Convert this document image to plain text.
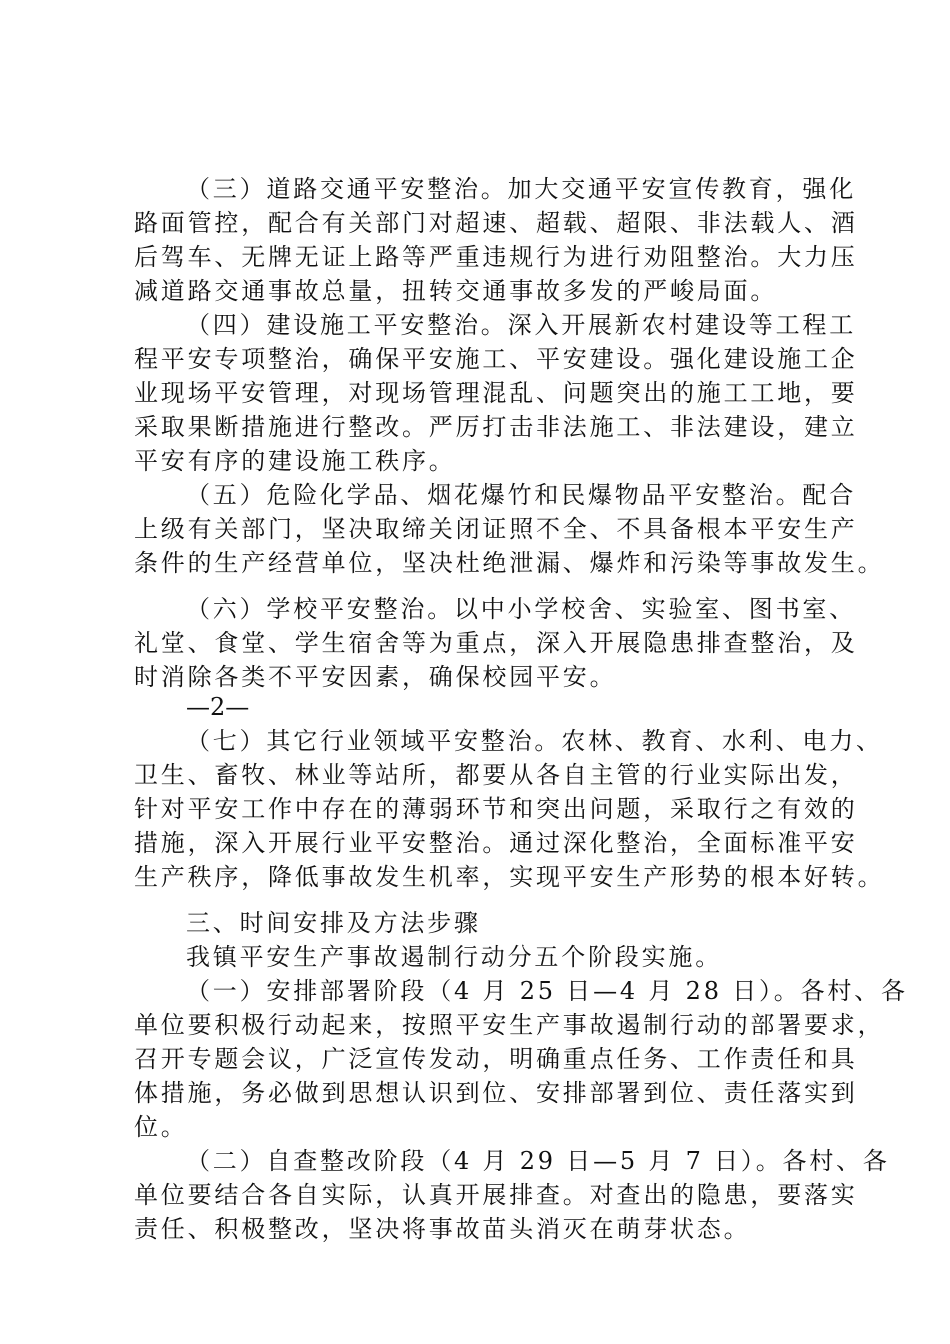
（三）道路交通平安整治。加大交通平安宣传教育，强化

路面管控，配合有关部门对超速、超载、超限、非法载人、酒

后驾车、无牌无证上路等严重违规行为进行劝阻整治。大力压

减道路交通事故总量，扭转交通事故多发的严峻局面。

（四）建设施工平安整治。深入开展新农村建设等工程工

程平安专项整治，确保平安施工、平安建设。强化建设施工企

业现场平安管理，对现场管理混乱、问题突出的施工工地，要

采取果断措施进行整改。严厉打击非法施工、非法建设，建立

平安有序的建设施工秩序。

（五）危险化学品、烟花爆竹和民爆物品平安整治。配合

上级有关部门，坚决取缔关闭证照不全、不具备根本平安生产

条件的生产经营单位，坚决杜绝泄漏、爆炸和污染等事故发生。

（六）学校平安整治。以中小学校舍、实验室、图书室、

礼堂、食堂、学生宿舍等为重点，深入开展隐患排查整治，及

时消除各类不平安因素，确保校园平安。

—2—

（七）其它行业领域平安整治。农林、教育、水利、电力、

卫生、畜牧、林业等站所，都要从各自主管的行业实际出发，

针对平安工作中存在的薄弱环节和突出问题，采取行之有效的

措施，深入开展行业平安整治。通过深化整治，全面标准平安

生产秩序，降低事故发生机率，实现平安生产形势的根本好转。

三、时间安排及方法步骤

我镇平安生产事故遏制行动分五个阶段实施。

（一）安排部署阶段（4 月 25 日—4 月 28 日）。各村、各

单位要积极行动起来，按照平安生产事故遏制行动的部署要求，

召开专题会议，广泛宣传发动，明确重点任务、工作责任和具

体措施，务必做到思想认识到位、安排部署到位、责任落实到

位。

（二）自查整改阶段（4 月 29 日—5 月 7 日）。各村、各

单位要结合各自实际，认真开展排查。对查出的隐患，要落实

责任、积极整改，坚决将事故苗头消灭在萌芽状态。
